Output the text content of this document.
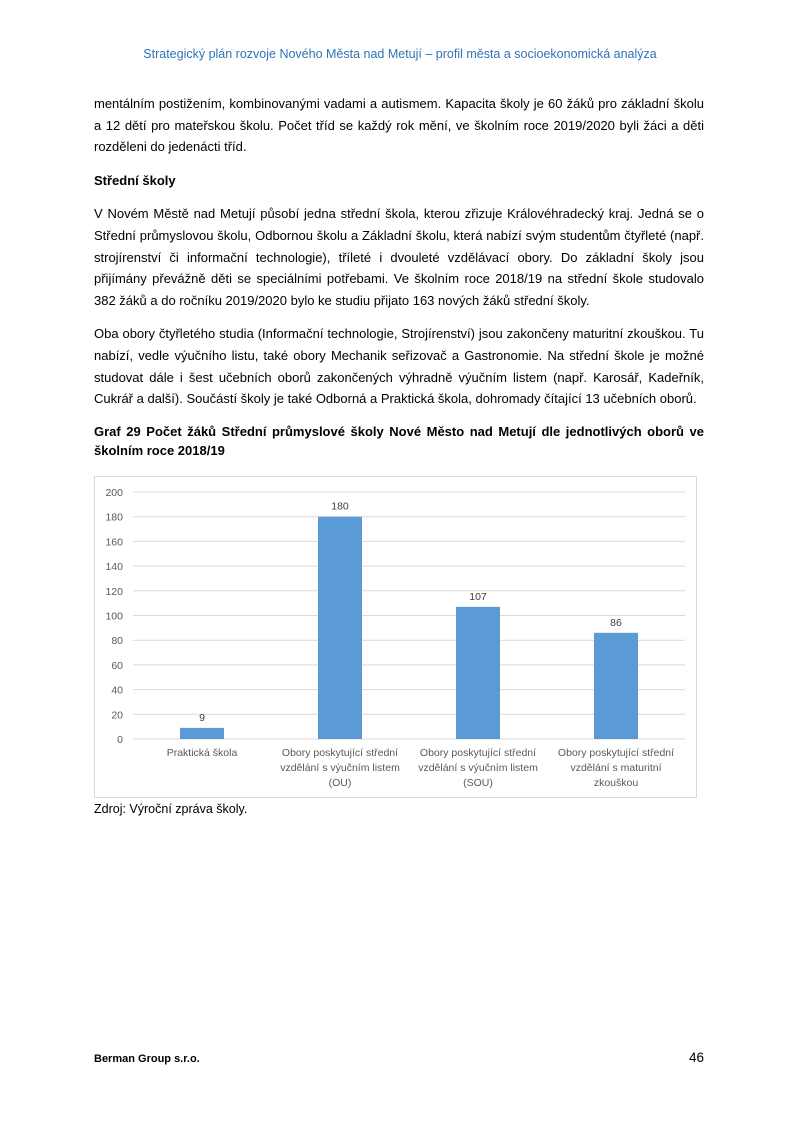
Strategický plán rozvoje Nového Města nad Metují – profil města a socioekonomická analýza

mentálním postižením, kombinovanými vadami a autismem. Kapacita školy je 60 žáků pro základní školu a 12 dětí pro mateřskou školu. Počet tříd se každý rok mění, ve školním roce 2019/2020 byli žáci a děti rozděleni do jedenácti tříd.

Střední školy

V Novém Městě nad Metují působí jedna střední škola, kterou zřizuje Královéhradecký kraj. Jedná se o Střední průmyslovou školu, Odbornou školu a Základní školu, která nabízí svým studentům čtyřleté (např. strojírenství či informační technologie), tříleté i dvouleté vzdělávací obory. Do základní školy jsou přijímány převážně děti se speciálními potřebami. Ve školním roce 2018/19 na střední škole studovalo 382 žáků a do ročníku 2019/2020 bylo ke studiu přijato 163 nových žáků střední školy.

Oba obory čtyřletého studia (Informační technologie, Strojírenství) jsou zakončeny maturitní zkouškou. Tu nabízí, vedle výučního listu, také obory Mechanik seřizovač a Gastronomie. Na střední škole je možné studovat dále i šest učebních oborů zakončených výhradně výučním listem (např. Karosář, Kadeřník, Cukrář a další). Součástí školy je také Odborná a Praktická škola, dohromady čítající 13 učebních oborů.

Graf 29 Počet žáků Střední průmyslové školy Nové Město nad Metují dle jednotlivých oborů ve školním roce 2018/19
0
20
40
60
80
100
120
140
160
180
200
9
Praktická škola
180
Obory poskytující střední vzdělání s výučním listem (OU)
107
Obory poskytující střední vzdělání s výučním listem (SOU)
86
Obory poskytující střední vzdělání s maturitní zkouškou
Zdroj: Výroční zpráva školy.
Berman Group s.r.o.	46
